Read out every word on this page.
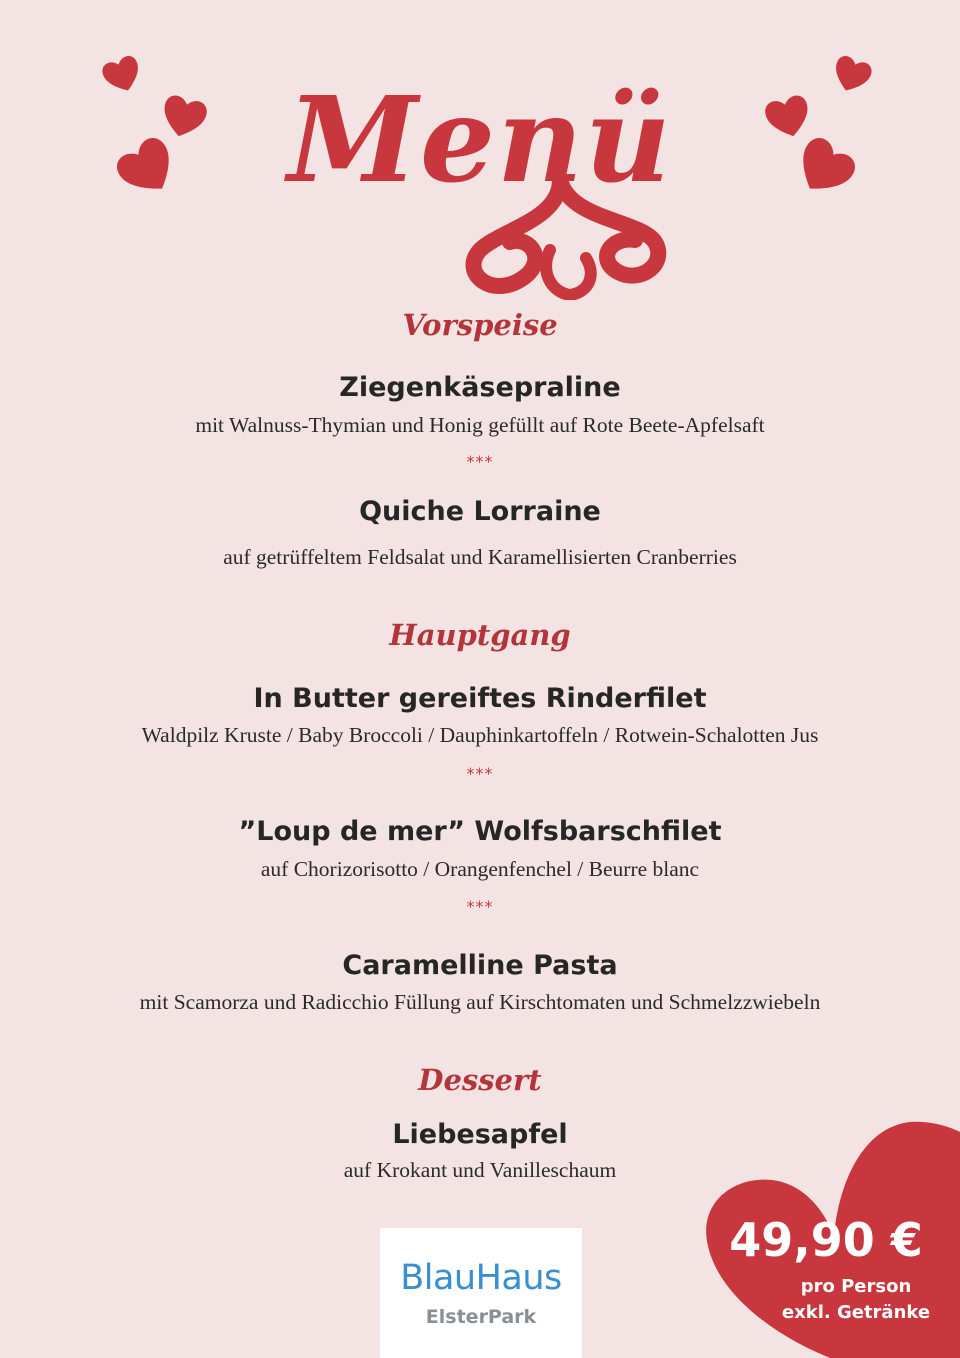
Menü
Vorspeise
Ziegenkäsepraline
mit Walnuss-Thymian und Honig gefüllt auf Rote Beete-Apfelsaft
***
Quiche Lorraine
auf getrüffeltem Feldsalat und Karamellisierten Cranberries
Hauptgang
In Butter gereiftes Rinderfilet
Waldpilz Kruste / Baby Broccoli / Dauphinkartoffeln / Rotwein-Schalotten Jus
***
”Loup de mer” Wolfsbarschfilet
auf Chorizorisotto / Orangenfenchel / Beurre blanc
***
Caramelline Pasta
mit Scamorza und Radicchio Füllung auf Kirschtomaten und Schmelzzwiebeln
Dessert
Liebesapfel
auf Krokant und Vanilleschaum
BlauHaus
ElsterPark
49,90 €
pro Person
exkl. Getränke
